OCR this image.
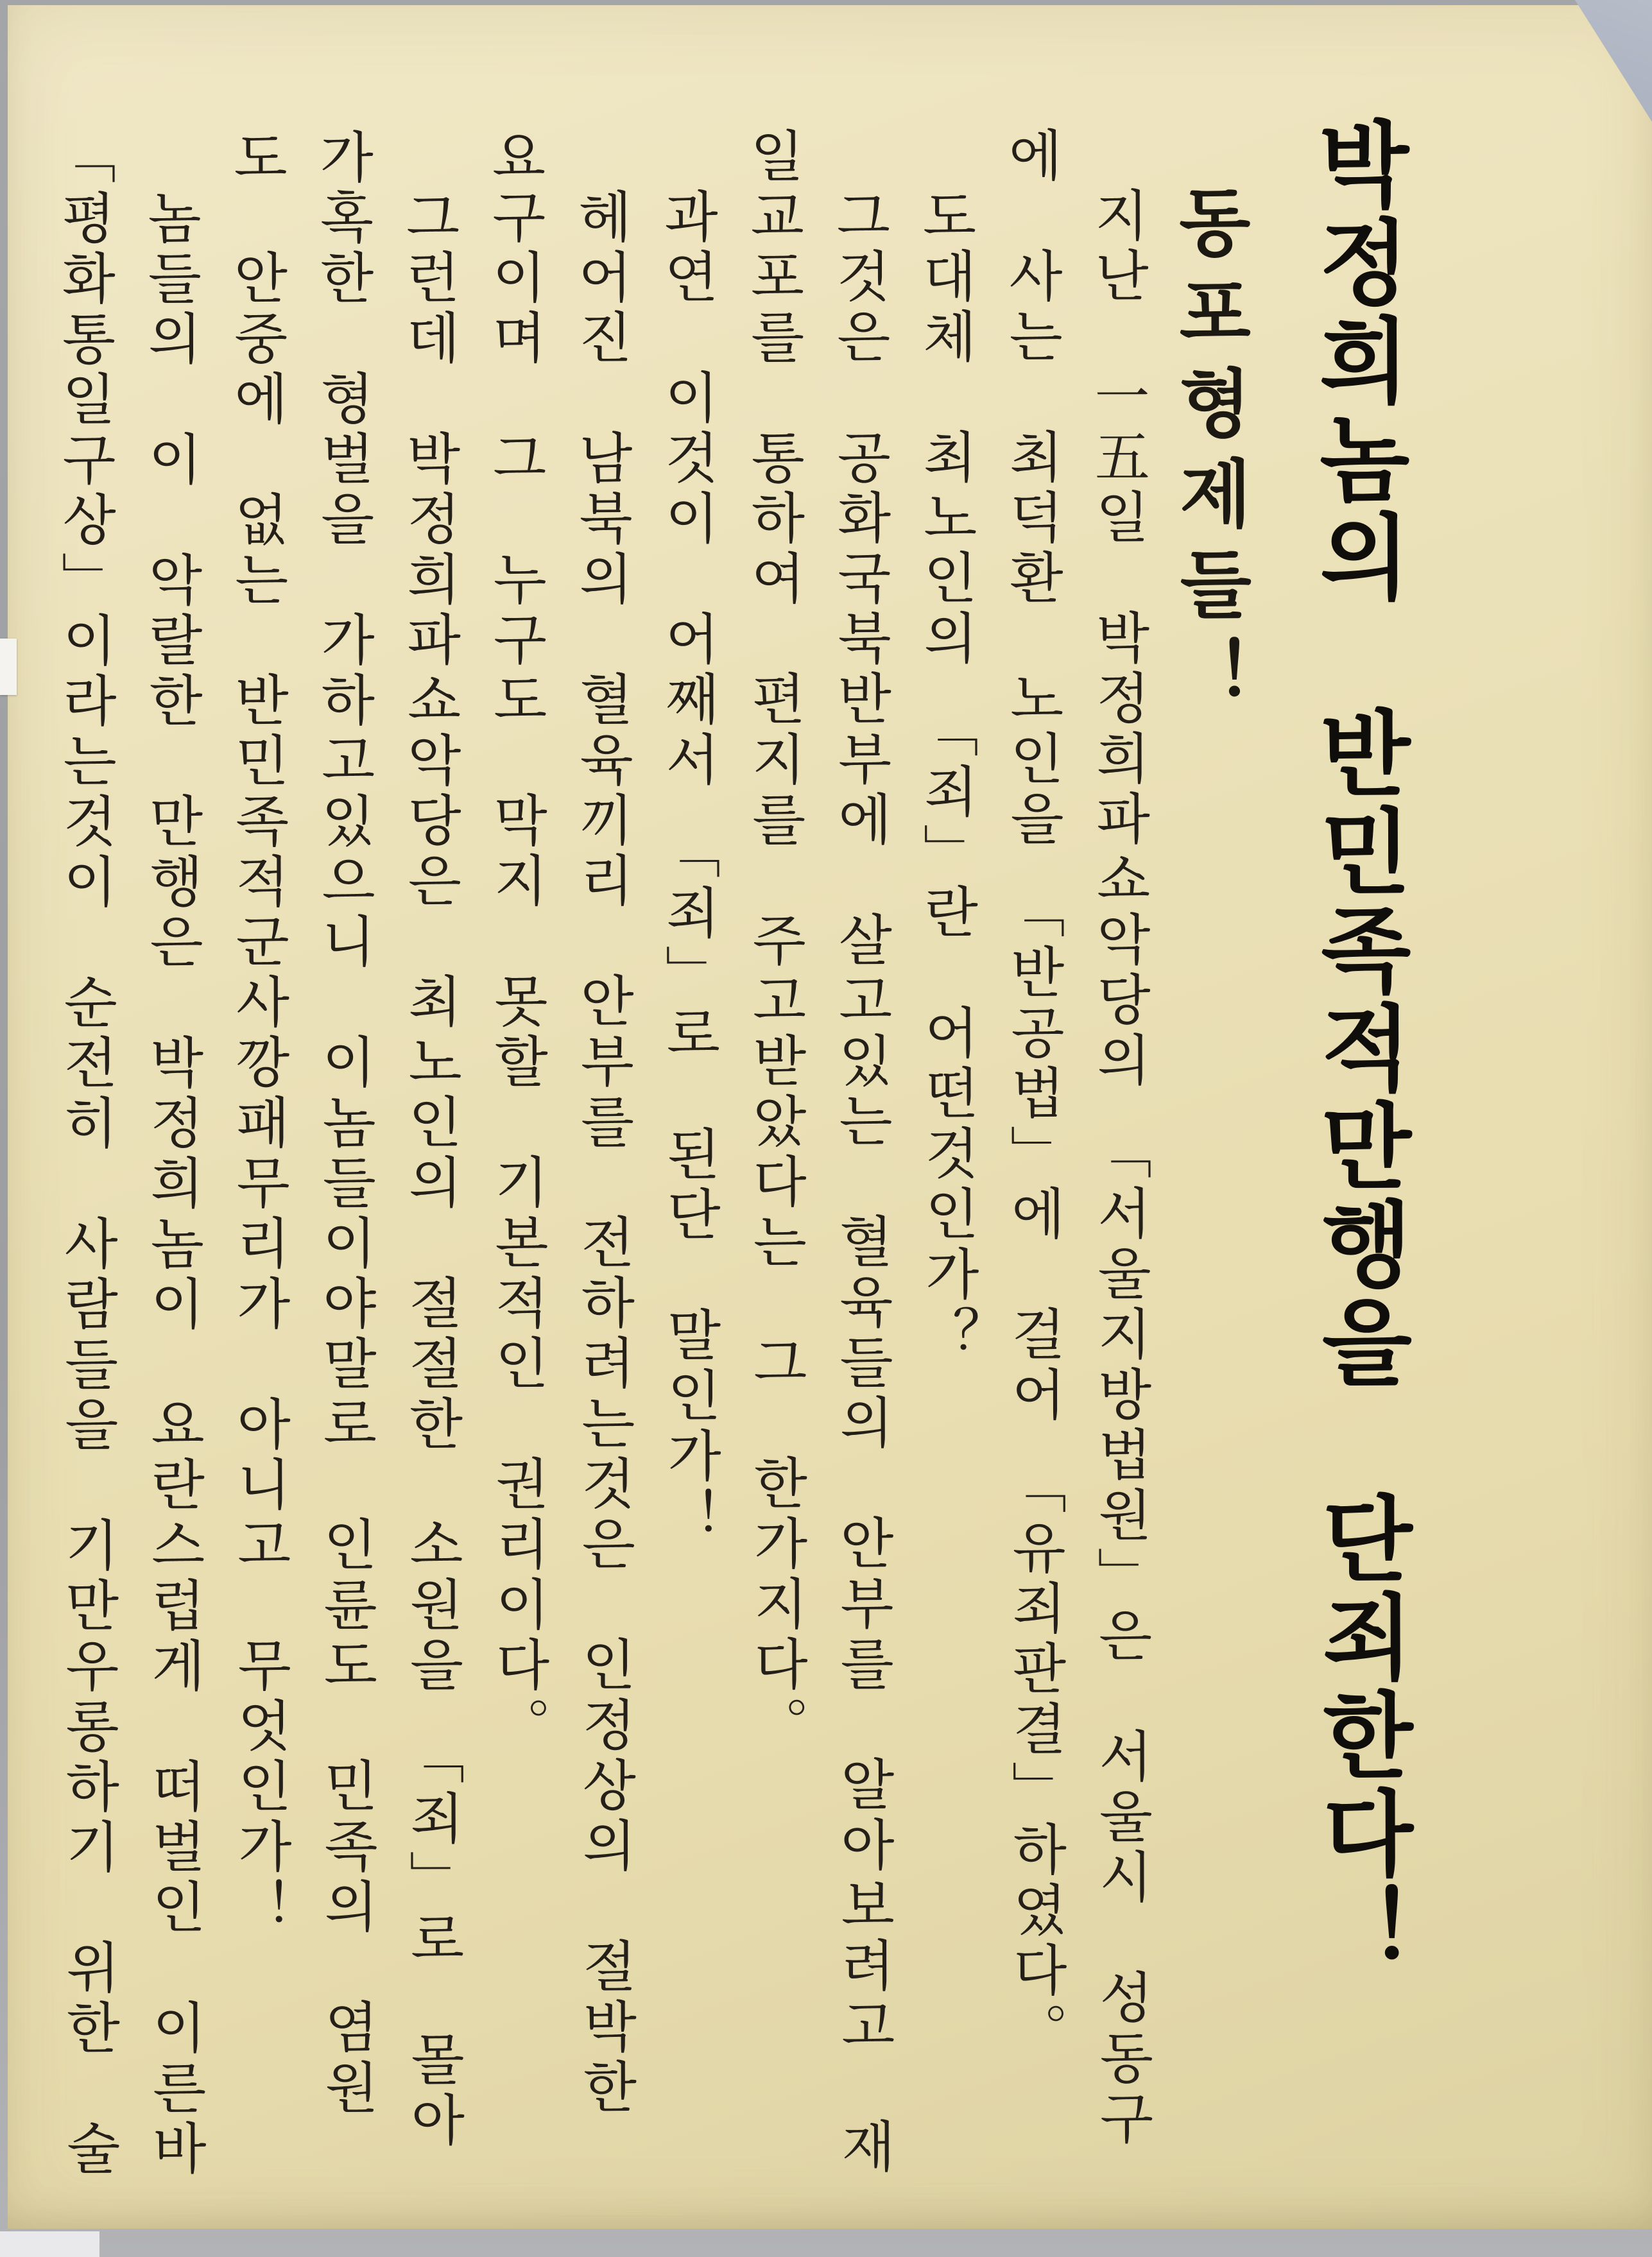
박정희놈의　반민족적만행을　단죄한다！
동포형제들！
지난　一五일　박정희파쇼악당의　「서울지방법원」은　서울시　성동구
에　사는　최덕환　노인을　「반공법」에　걸어　「유죄판결」하였다。
도대체　최노인의　「죄」란　어떤것인가？
그것은　공화국북반부에　살고있는　혈육들의　안부를　알아보려고　재
일교포를　통하여　편지를　주고받았다는　그　한가지다。
과연　이것이　어째서　「죄」로　된단　말인가！
헤어진　남북의　혈육끼리　안부를　전하려는것은　인정상의　절박한
요구이며　그　누구도　막지　못할　기본적인　권리이다。
그런데　박정희파쇼악당은　최노인의　절절한　소원을　「죄」로　몰아
가혹한　형벌을　가하고있으니　이놈들이야말로　인륜도　민족의　염원
도　안중에　없는　반민족적군사깡패무리가　아니고　무엇인가！
놈들의　이　악랄한　만행은　박정희놈이　요란스럽게　떠벌인　이른바
「평화통일구상」이라는것이　순전히　사람들을　기만우롱하기　위한　술
